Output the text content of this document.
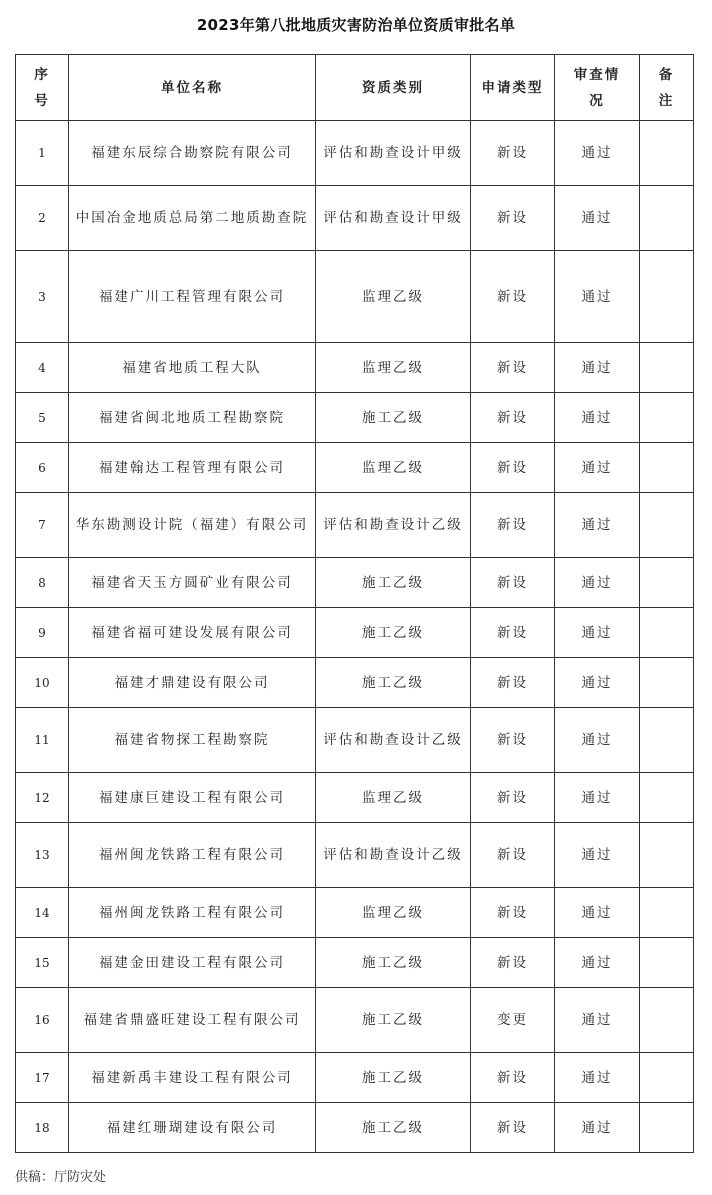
2023年第八批地质灾害防治单位资质审批名单
序号	单位名称	资质类别	申请类型	审查情况	备注
1	福建东辰综合勘察院有限公司	评估和勘查设计甲级	新设	通过	
2	中国冶金地质总局第二地质勘查院	评估和勘查设计甲级	新设	通过	
3	福建广川工程管理有限公司	监理乙级	新设	通过	
4	福建省地质工程大队	监理乙级	新设	通过	
5	福建省闽北地质工程勘察院	施工乙级	新设	通过	
6	福建翰达工程管理有限公司	监理乙级	新设	通过	
7	华东勘测设计院（福建）有限公司	评估和勘查设计乙级	新设	通过	
8	福建省天玉方圆矿业有限公司	施工乙级	新设	通过	
9	福建省福可建设发展有限公司	施工乙级	新设	通过	
10	福建才鼎建设有限公司	施工乙级	新设	通过	
11	福建省物探工程勘察院	评估和勘查设计乙级	新设	通过	
12	福建康巨建设工程有限公司	监理乙级	新设	通过	
13	福州闽龙铁路工程有限公司	评估和勘查设计乙级	新设	通过	
14	福州闽龙铁路工程有限公司	监理乙级	新设	通过	
15	福建金田建设工程有限公司	施工乙级	新设	通过	
16	福建省鼎盛旺建设工程有限公司	施工乙级	变更	通过	
17	福建新禹丰建设工程有限公司	施工乙级	新设	通过	
18	福建红珊瑚建设有限公司	施工乙级	新设	通过	
供稿：厅防灾处
